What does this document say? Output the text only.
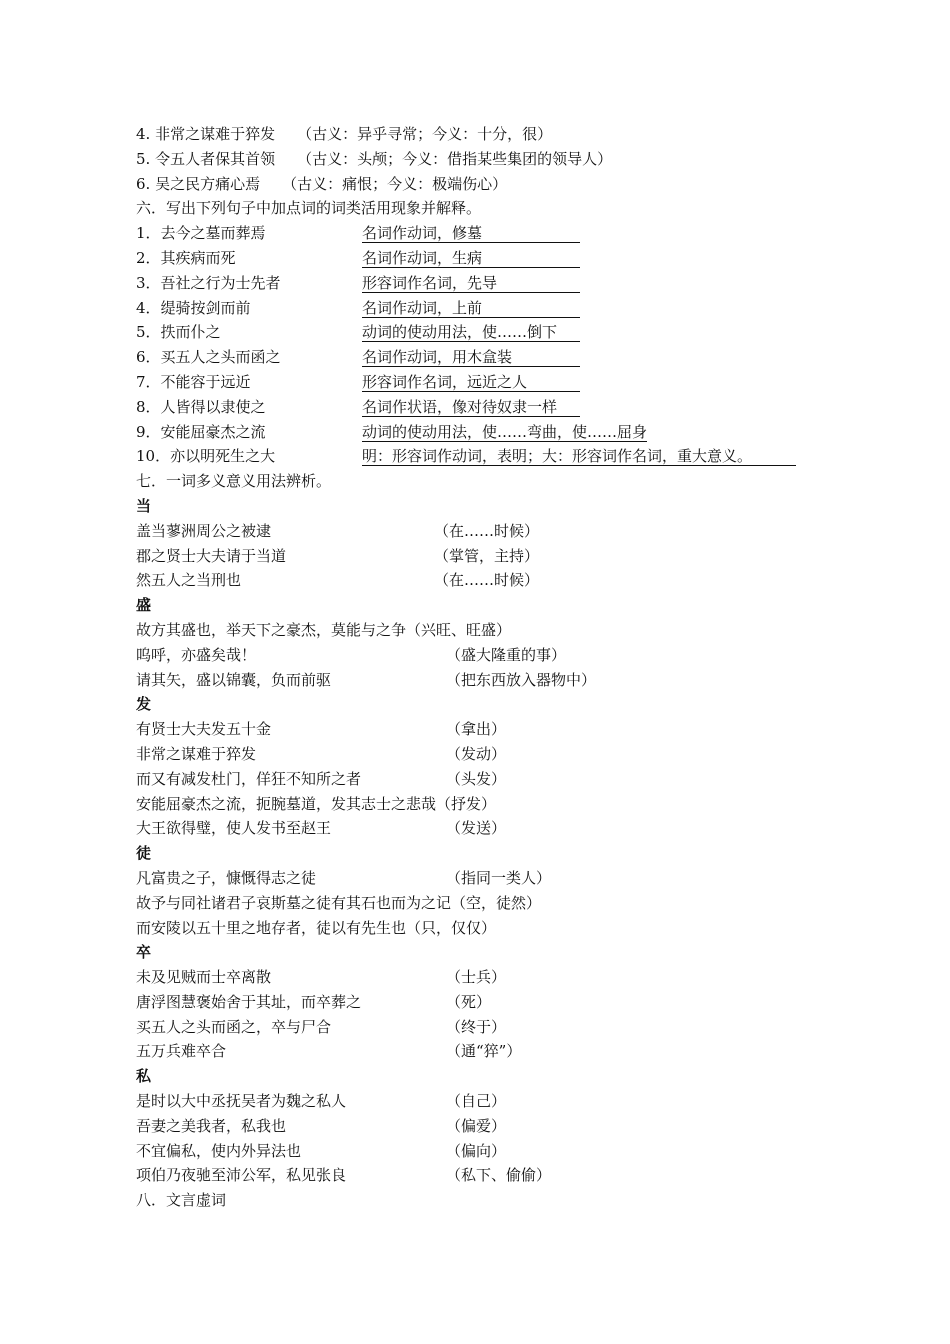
4. 非常之谋难于猝发 （古义：异乎寻常；今义：十分，很）
5. 令五人者保其首领 （古义：头颅；今义：借指某些集团的领导人）
6. 吴之民方痛心焉 （古义：痛恨；今义：极端伤心）
六．写出下列句子中加点词的词类活用现象并解释。
1．去今之墓而葬焉	名词作动词，修墓
2．其疾病而死	名词作动词，生病
3．吾社之行为士先者	形容词作名词，先导
4．缇骑按剑而前	名词作动词，上前
5．抶而仆之	动词的使动用法，使……倒下
6．买五人之头而函之	名词作动词，用木盒装
7．不能容于远近	形容词作名词，远近之人
8．人皆得以隶使之	名词作状语，像对待奴隶一样
9．安能屈豪杰之流	动词的使动用法，使……弯曲，使……屈身
10．亦以明死生之大	明：形容词作动词，表明；大：形容词作名词，重大意义。
七．一词多义意义用法辨析。
当
盖当蓼洲周公之被逮	（在……时候）
郡之贤士大夫请于当道	（掌管，主持）
然五人之当刑也	（在……时候）
盛
故方其盛也，举天下之豪杰，莫能与之争（兴旺、旺盛）
呜呼，亦盛矣哉！	（盛大隆重的事）
请其矢，盛以锦囊，负而前驱	（把东西放入器物中）
发
有贤士大夫发五十金	（拿出）
非常之谋难于猝发	（发动）
而又有减发杜门，佯狂不知所之者	（头发）
安能屈豪杰之流，扼腕墓道，发其志士之悲哉（抒发）
大王欲得璧，使人发书至赵王	（发送）
徒
凡富贵之子，慷慨得志之徒	（指同一类人）
故予与同社诸君子哀斯墓之徒有其石也而为之记（空，徒然）
而安陵以五十里之地存者，徒以有先生也（只，仅仅）
卒
未及见贼而士卒离散	（士兵）
唐浮图慧褒始舍于其址，而卒葬之	（死）
买五人之头而函之，卒与尸合	（终于）
五万兵难卒合	（通“猝”）
私
是时以大中丞抚吴者为魏之私人	（自己）
吾妻之美我者，私我也	（偏爱）
不宜偏私，使内外异法也	（偏向）
项伯乃夜驰至沛公军，私见张良	（私下、偷偷）
八．文言虚词
